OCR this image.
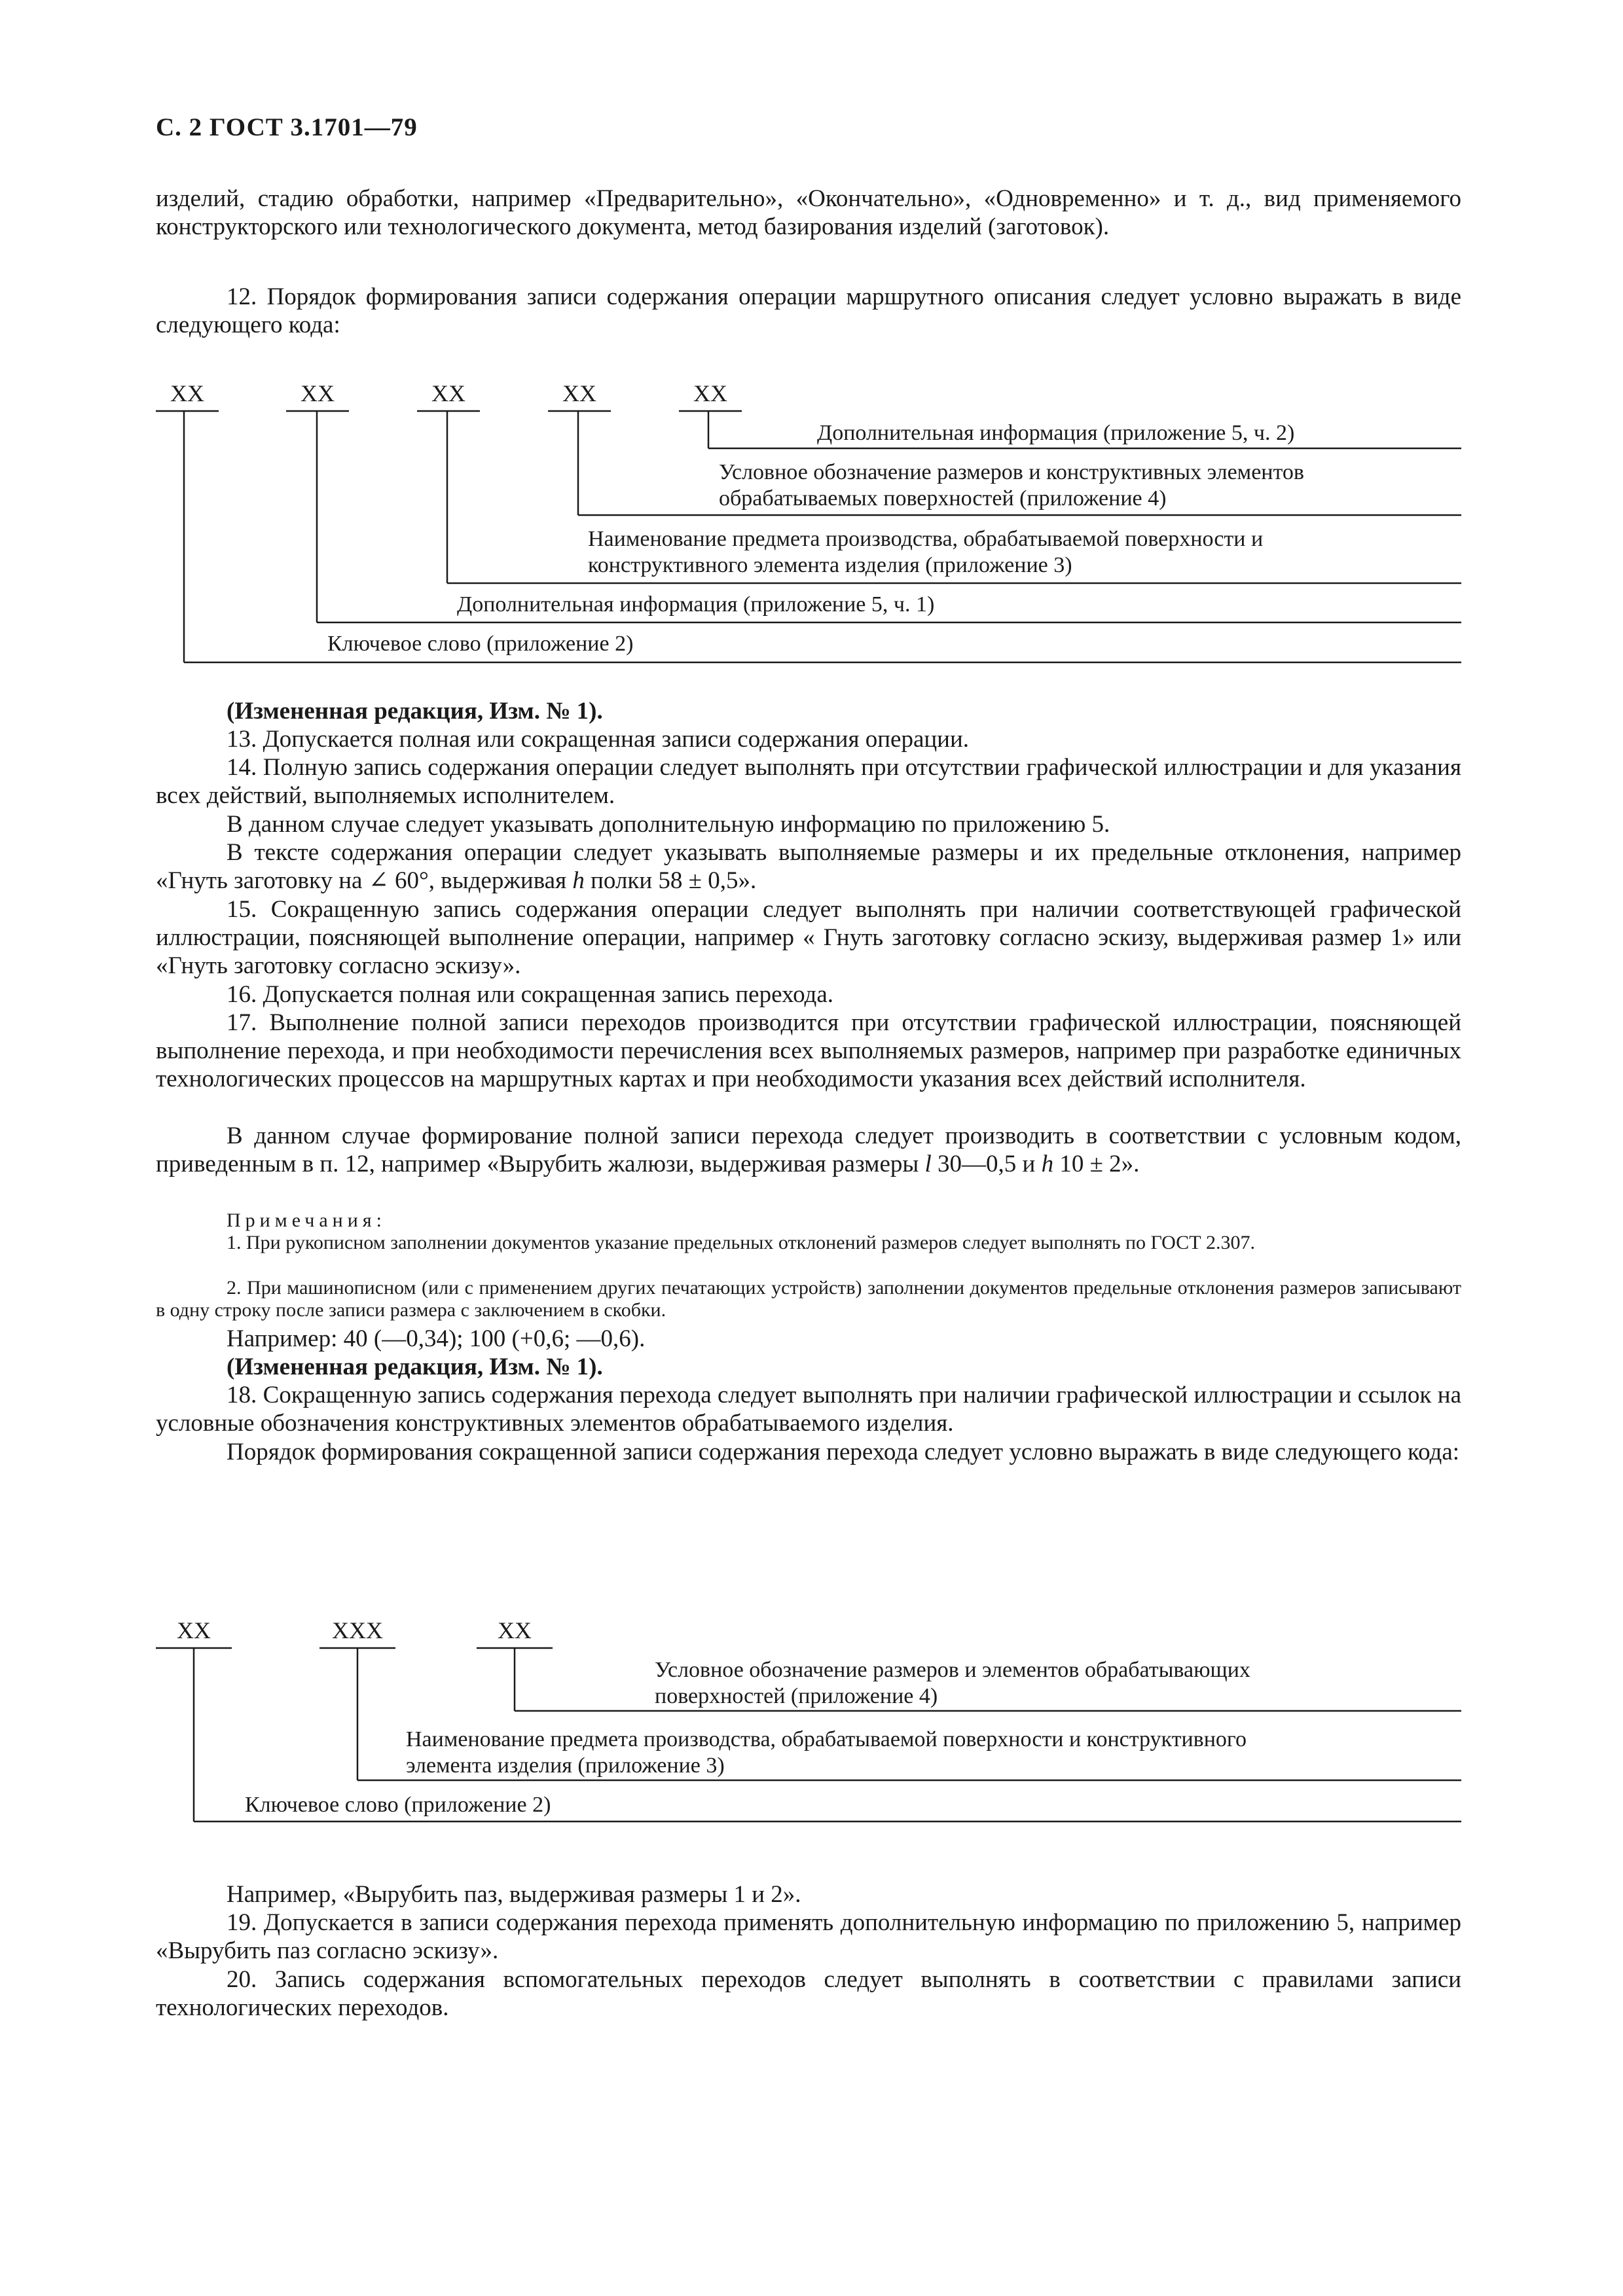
С. 2 ГОСТ 3.1701—79
изделий, стадию обработки, например «Предварительно», «Окончательно», «Одновременно» и т. д., вид применяемого конструкторского или технологического документа, метод базирования изделий (заготовок).
12. Порядок формирования записи содержания операции маршрутного описания следует условно выражать в виде следующего кода:
XX	XX	XX	XX	XX
Дополнительная информация (приложение 5, ч. 2)
Условное обозначение размеров и конструктивных элементов
обрабатываемых поверхностей (приложение 4)
Наименование предмета производства, обрабатываемой поверхности и
конструктивного элемента изделия (приложение 3)
Дополнительная информация (приложение 5, ч. 1)
Ключевое слово (приложение 2)
(Измененная редакция, Изм. № 1).
13. Допускается полная или сокращенная записи содержания операции.
14. Полную запись содержания операции следует выполнять при отсутствии графической иллюстрации и для указания всех действий, выполняемых исполнителем.
В данном случае следует указывать дополнительную информацию по приложению 5.
В тексте содержания операции следует указывать выполняемые размеры и их предельные отклонения, например «Гнуть заготовку на ∠ 60°, выдерживая h полки 58 ± 0,5».
15. Сокращенную запись содержания операции следует выполнять при наличии соответствующей графической иллюстрации, поясняющей выполнение операции, например « Гнуть заготовку согласно эскизу, выдерживая размер 1» или «Гнуть заготовку согласно эскизу».
16. Допускается полная или сокращенная запись перехода.
17. Выполнение полной записи переходов производится при отсутствии графической иллюстрации, поясняющей выполнение перехода, и при необходимости перечисления всех выполняемых размеров, например при разработке единичных технологических процессов на маршрутных картах и при необходимости указания всех действий исполнителя.
В данном случае формирование полной записи перехода следует производить в соответствии с условным кодом, приведенным в п. 12, например «Вырубить жалюзи, выдерживая размеры l 30—0,5 и h 10 ± 2».
Примечания:
1. При рукописном заполнении документов указание предельных отклонений размеров следует выполнять по ГОСТ 2.307.
2. При машинописном (или с применением других печатающих устройств) заполнении документов предельные отклонения размеров записывают в одну строку после записи размера с заключением в скобки.
Например: 40 (—0,34); 100 (+0,6; —0,6).
(Измененная редакция, Изм. № 1).
18. Сокращенную запись содержания перехода следует выполнять при наличии графической иллюстрации и ссылок на условные обозначения конструктивных элементов обрабатываемого изделия.
Порядок формирования сокращенной записи содержания перехода следует условно выражать в виде следующего кода:
XX	XXX	XX
Условное обозначение размеров и элементов обрабатывающих
поверхностей (приложение 4)
Наименование предмета производства, обрабатываемой поверхности и конструктивного
элемента изделия (приложение 3)
Ключевое слово (приложение 2)
Например, «Вырубить паз, выдерживая размеры 1 и 2».
19. Допускается в записи содержания перехода применять дополнительную информацию по приложению 5, например «Вырубить паз согласно эскизу».
20. Запись содержания вспомогательных переходов следует выполнять в соответствии с правилами записи технологических переходов.
